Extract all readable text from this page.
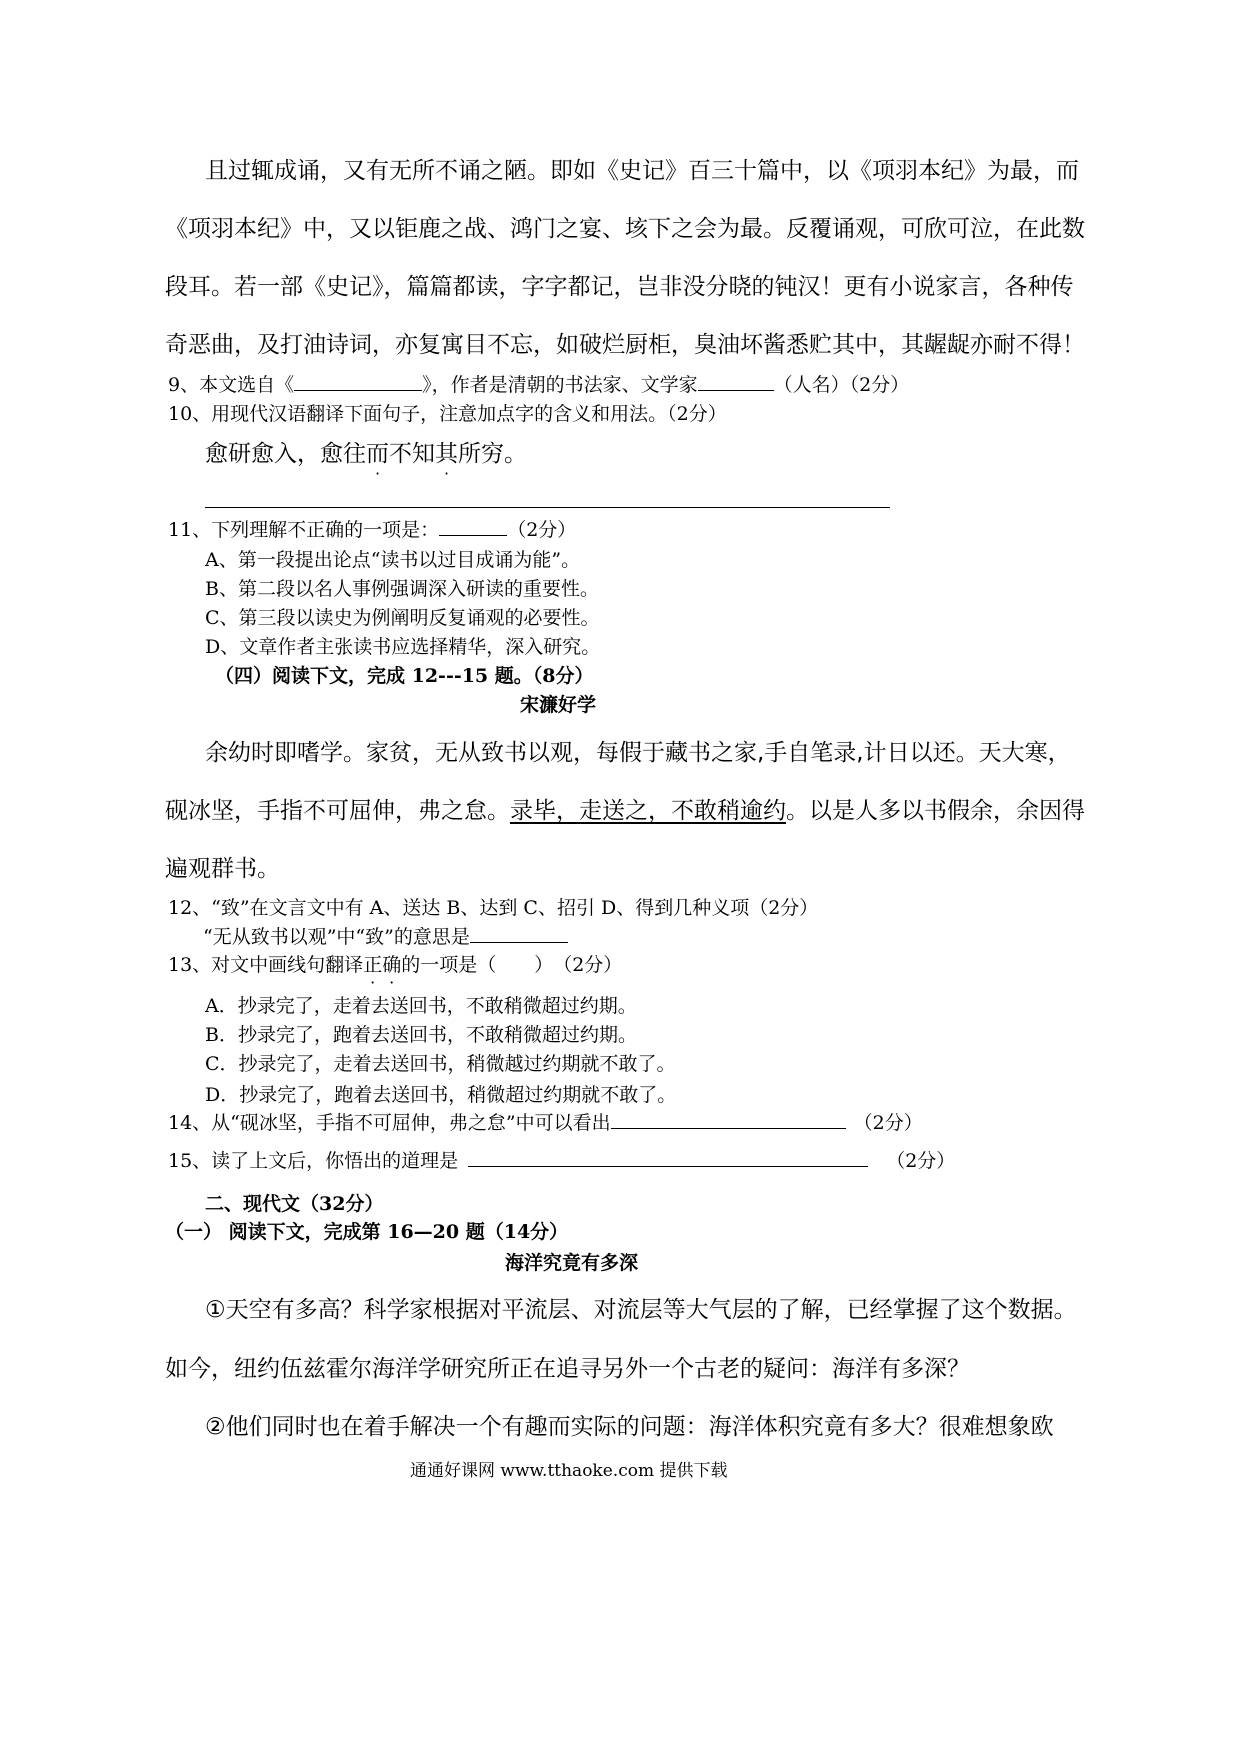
且过辄成诵，又有无所不诵之陋。即如《史记》百三十篇中，以《项羽本纪》为最，而
《项羽本纪》中，又以钜鹿之战、鸿门之宴、垓下之会为最。反覆诵观，可欣可泣，在此数
段耳。若一部《史记》，篇篇都读，字字都记，岂非没分晓的钝汉！更有小说家言，各种传
奇恶曲，及打油诗词，亦复寓目不忘，如破烂厨柜，臭油坏酱悉贮其中，其龌龊亦耐不得！
9、本文选自《	》，作者是清朝的书法家、文学家	（人名）（2分）
10、用现代汉语翻译下面句子，注意加点字的含义和用法。（2分）
愈研愈入，愈往而不知其所穷。
11、下列理解不正确的一项是：	（2分）
A、第一段提出论点“读书以过目成诵为能”。
B、第二段以名人事例强调深入研读的重要性。
C、第三段以读史为例阐明反复诵观的必要性。
D、文章作者主张读书应选择精华，深入研究。
（四）阅读下文，完成 12---15 题。（8分）
宋濂好学
余幼时即嗜学。家贫，无从致书以观，每假于藏书之家,手自笔录,计日以还。天大寒，
砚冰坚，手指不可屈伸，弗之怠。录毕，走送之，不敢稍逾约。以是人多以书假余，余因得
遍观群书。
12、“致”在文言文中有 A、送达 B、达到 C、招引 D、得到几种义项（2分）
“无从致书以观”中“致”的意思是
13、对文中画线句翻译正确的一项是（　　）　（2分）
A．抄录完了，走着去送回书，不敢稍微超过约期。
B．抄录完了，跑着去送回书，不敢稍微超过约期。
C．抄录完了，走着去送回书，稍微越过约期就不敢了。
D．抄录完了，跑着去送回书，稍微超过约期就不敢了。
14、从“砚冰坚，手指不可屈伸，弗之怠”中可以看出	（2分）
15、读了上文后，你悟出的道理是	（2分）
二、现代文（32分）
（一） 阅读下文，完成第 16—20 题（14分）
海洋究竟有多深
①天空有多高？科学家根据对平流层、对流层等大气层的了解，已经掌握了这个数据。
如今，纽约伍兹霍尔海洋学研究所正在追寻另外一个古老的疑问：海洋有多深？
②他们同时也在着手解决一个有趣而实际的问题：海洋体积究竟有多大？很难想象欧
通通好课网 www.tthaoke.com 提供下载
